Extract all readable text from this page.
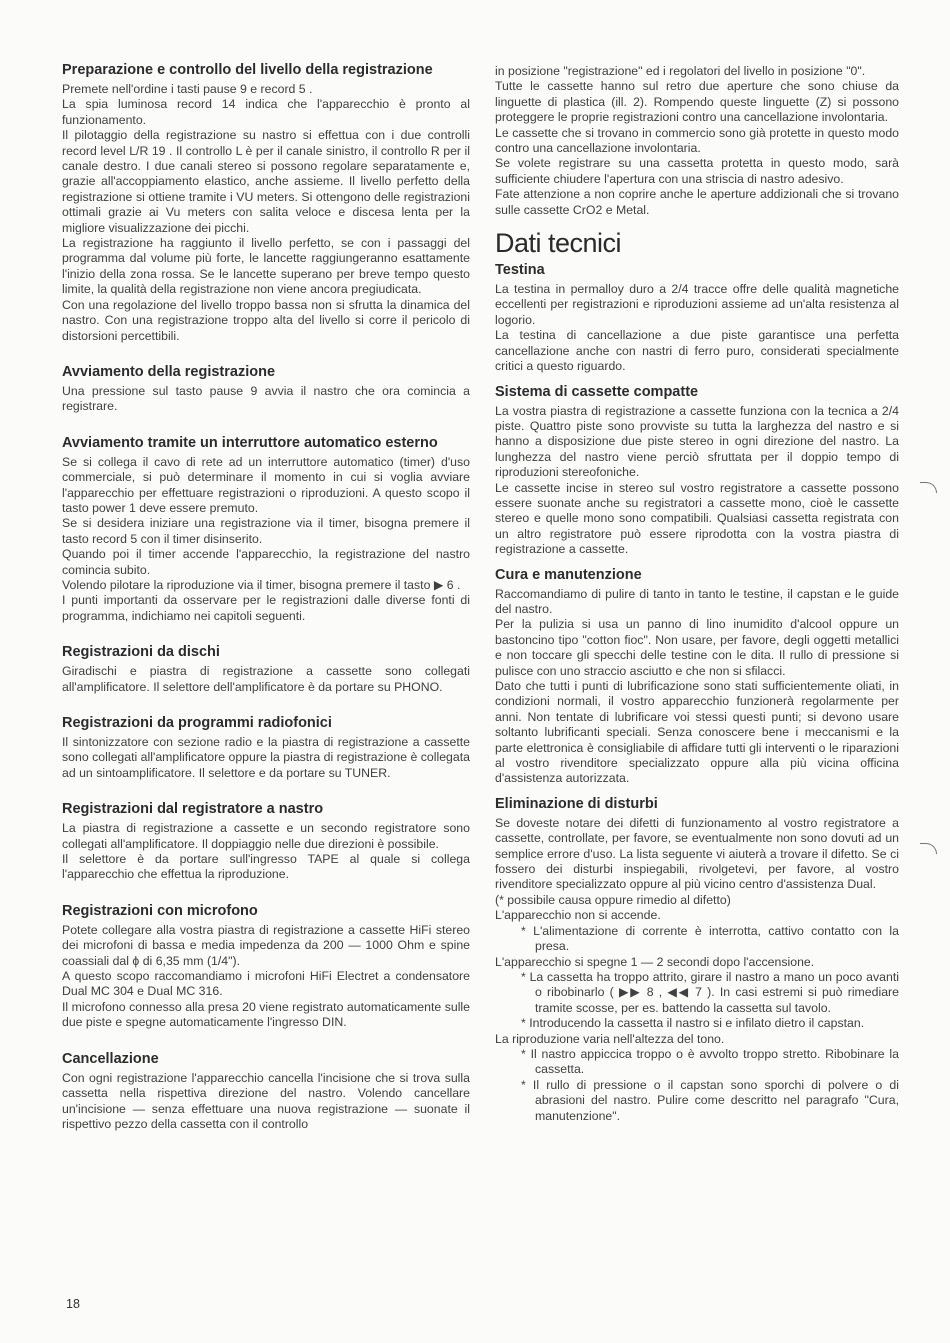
Preparazione e controllo del livello della registrazione

Premete nell'ordine i tasti pause 9 e record 5 .

La spia luminosa record 14 indica che l'apparecchio è pronto al funzionamento.

Il pilotaggio della registrazione su nastro si effettua con i due controlli record level L/R 19 . Il controllo L è per il canale sinistro, il controllo R per il canale destro. I due canali stereo si possono regolare separatamente e, grazie all'accoppiamento elastico, anche assieme. Il livello perfetto della registrazione si ottiene tramite i VU meters. Si ottengono delle registrazioni ottimali grazie ai Vu meters con salita veloce e discesa lenta per la migliore visualizzazione dei picchi.

La registrazione ha raggiunto il livello perfetto, se con i passaggi del programma dal volume più forte, le lancette raggiungeranno esattamente l'inizio della zona rossa. Se le lancette superano per breve tempo questo limite, la qualità della registrazione non viene ancora pregiudicata.

Con una regolazione del livello troppo bassa non si sfrutta la dinamica del nastro. Con una registrazione troppo alta del livello si corre il pericolo di distorsioni percettibili.

Avviamento della registrazione

Una pressione sul tasto pause 9 avvia il nastro che ora comincia a registrare.

Avviamento tramite un interruttore automatico esterno

Se si collega il cavo di rete ad un interruttore automatico (timer) d'uso commerciale, si può determinare il momento in cui si voglia avviare l'apparecchio per effettuare registrazioni o riproduzioni. A questo scopo il tasto power 1 deve essere premuto.

Se si desidera iniziare una registrazione via il timer, bisogna premere il tasto record 5 con il timer disinserito.

Quando poi il timer accende l'apparecchio, la registrazione del nastro comincia subito.

Volendo pilotare la riproduzione via il timer, bisogna premere il tasto ▶ 6 .

I punti importanti da osservare per le registrazioni dalle diverse fonti di programma, indichiamo nei capitoli seguenti.

Registrazioni da dischi

Giradischi e piastra di registrazione a cassette sono collegati all'amplificatore. Il selettore dell'amplificatore è da portare su PHONO.

Registrazioni da programmi radiofonici

Il sintonizzatore con sezione radio e la piastra di registrazione a cassette sono collegati all'amplificatore oppure la piastra di registrazione è collegata ad un sintoamplificatore. Il selettore e da portare su TUNER.

Registrazioni dal registratore a nastro

La piastra di registrazione a cassette e un secondo registratore sono collegati all'amplificatore. Il doppiaggio nelle due direzioni è possibile.

Il selettore è da portare sull'ingresso TAPE al quale si collega l'apparecchio che effettua la riproduzione.

Registrazioni con microfono

Potete collegare alla vostra piastra di registrazione a cassette HiFi stereo dei microfoni di bassa e media impedenza da 200 — 1000 Ohm e spine coassiali dal ϕ di 6,35 mm (1/4").

A questo scopo raccomandiamo i microfoni HiFi Electret a condensatore Dual MC 304 e Dual MC 316.

Il microfono connesso alla presa 20 viene registrato automaticamente sulle due piste e spegne automaticamente l'ingresso DIN.

Cancellazione

Con ogni registrazione l'apparecchio cancella l'incisione che si trova sulla cassetta nella rispettiva direzione del nastro. Volendo cancellare un'incisione — senza effettuare una nuova registrazione — suonate il rispettivo pezzo della cassetta con il controllo

in posizione "registrazione" ed i regolatori del livello in posizione "0".

Tutte le cassette hanno sul retro due aperture che sono chiuse da linguette di plastica (ill. 2). Rompendo queste linguette (Z) si possono proteggere le proprie registrazioni contro una cancellazione involontaria.

Le cassette che si trovano in commercio sono già protette in questo modo contro una cancellazione involontaria.

Se volete registrare su una cassetta protetta in questo modo, sarà sufficiente chiudere l'apertura con una striscia di nastro adesivo.

Fate attenzione a non coprire anche le aperture addizionali che si trovano sulle cassette CrO2 e Metal.

Dati tecnici
Testina

La testina in permalloy duro a 2/4 tracce offre delle qualità magnetiche eccellenti per registrazioni e riproduzioni assieme ad un'alta resistenza al logorio.

La testina di cancellazione a due piste garantisce una perfetta cancellazione anche con nastri di ferro puro, considerati specialmente critici a questo riguardo.

Sistema di cassette compatte

La vostra piastra di registrazione a cassette funziona con la tecnica a 2/4 piste. Quattro piste sono provviste su tutta la larghezza del nastro e si hanno a disposizione due piste stereo in ogni direzione del nastro. La lunghezza del nastro viene perciò sfruttata per il doppio tempo di riproduzioni stereofoniche.

Le cassette incise in stereo sul vostro registratore a cassette possono essere suonate anche su registratori a cassette mono, cioè le cassette stereo e quelle mono sono compatibili. Qualsiasi cassetta registrata con un altro registratore può essere riprodotta con la vostra piastra di registrazione a cassette.

Cura e manutenzione

Raccomandiamo di pulire di tanto in tanto le testine, il capstan e le guide del nastro.

Per la pulizia si usa un panno di lino inumidito d'alcool oppure un bastoncino tipo "cotton fioc". Non usare, per favore, degli oggetti metallici e non toccare gli specchi delle testine con le dita. Il rullo di pressione si pulisce con uno straccio asciutto e che non si sfilacci.

Dato che tutti i punti di lubrificazione sono stati sufficientemente oliati, in condizioni normali, il vostro apparecchio funzionerà regolarmente per anni. Non tentate di lubrificare voi stessi questi punti; si devono usare soltanto lubrificanti speciali. Senza conoscere bene i meccanismi e la parte elettronica è consigliabile di affidare tutti gli interventi o le riparazioni al vostro rivenditore specializzato oppure alla più vicina officina d'assistenza autorizzata.

Eliminazione di disturbi

Se doveste notare dei difetti di funzionamento al vostro registratore a cassette, controllate, per favore, se eventualmente non sono dovuti ad un semplice errore d'uso. La lista seguente vi aiuterà a trovare il difetto. Se ci fossero dei disturbi inspiegabili, rivolgetevi, per favore, al vostro rivenditore specializzato oppure al più vicino centro d'assistenza Dual.

(* possibile causa oppure rimedio al difetto)

L'apparecchio non si accende.

* L'alimentazione di corrente è interrotta, cattivo contatto con la presa.

L'apparecchio si spegne 1 — 2 secondi dopo l'accensione.

* La cassetta ha troppo attrito, girare il nastro a mano un poco avanti o ribobinarlo ( ▶▶ 8 , ◀◀ 7 ). In casi estremi si può rimediare tramite scosse, per es. battendo la cassetta sul tavolo.

* Introducendo la cassetta il nastro si e infilato dietro il capstan.

La riproduzione varia nell'altezza del tono.

* Il nastro appiccica troppo o è avvolto troppo stretto. Ribobinare la cassetta.

* Il rullo di pressione o il capstan sono sporchi di polvere o di abrasioni del nastro. Pulire come descritto nel paragrafo "Cura, manutenzione".

18
